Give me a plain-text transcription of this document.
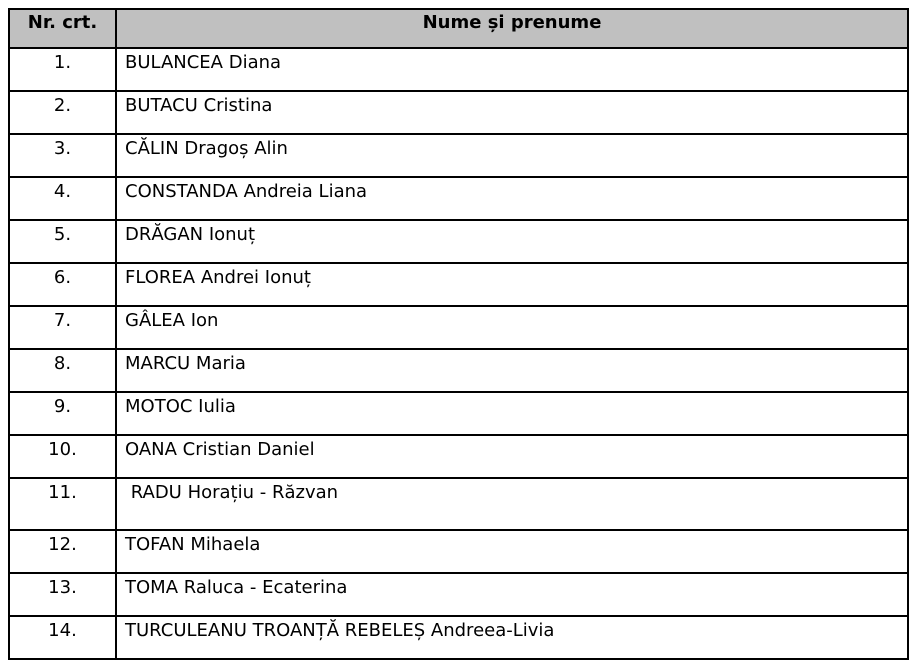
Nr. crt.	Nume și prenume
1.	BULANCEA Diana
2.	BUTACU Cristina
3.	CĂLIN Dragoș Alin
4.	CONSTANDA Andreia Liana
5.	DRĂGAN Ionuț
6.	FLOREA Andrei Ionuț
7.	GÂLEA Ion
8.	MARCU Maria
9.	MOTOC Iulia
10.	OANA Cristian Daniel
11.	RADU Horațiu - Răzvan
12.	TOFAN Mihaela
13.	TOMA Raluca - Ecaterina
14.	TURCULEANU TROANȚĂ REBELEȘ Andreea-Livia
